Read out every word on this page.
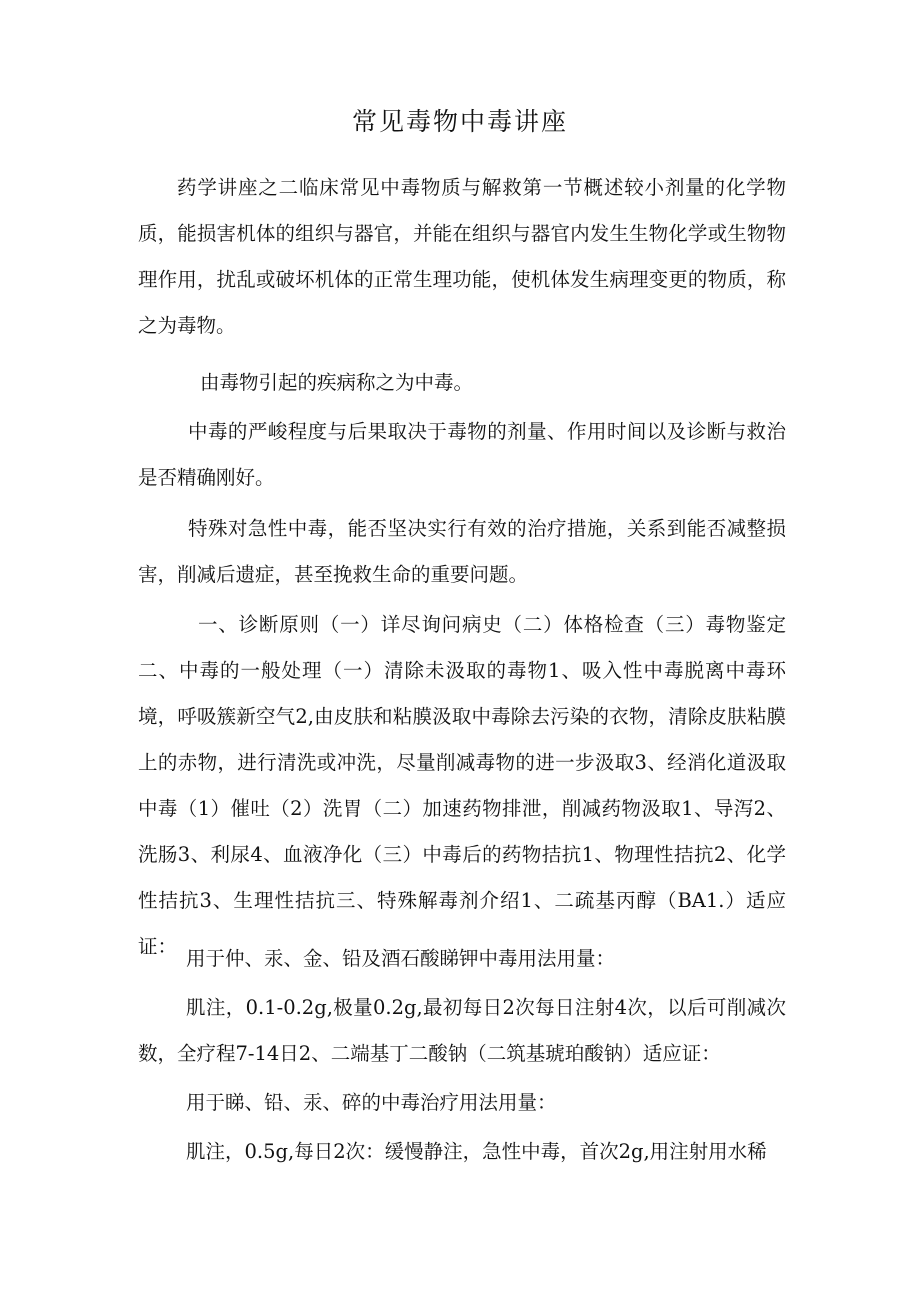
常见毒物中毒讲座

药学讲座之二临床常见中毒物质与解救第一节概述较小剂量的化学物质，能损害机体的组织与器官，并能在组织与器官内发生生物化学或生物物理作用，扰乱或破坏机体的正常生理功能，使机体发生病理变更的物质，称之为毒物。

由毒物引起的疾病称之为中毒。

中毒的严峻程度与后果取决于毒物的剂量、作用时间以及诊断与救治是否精确刚好。

特殊对急性中毒，能否坚决实行有效的治疗措施，关系到能否减整损害，削减后遗症，甚至挽救生命的重要问题。

一、诊断原则（一）详尽询问病史（二）体格检查（三）毒物鉴定二、中毒的一般处理（一）清除未汲取的毒物1、吸入性中毒脱离中毒环境，呼吸簇新空气2,由皮肤和粘膜汲取中毒除去污染的衣物，清除皮肤粘膜上的赤物，进行清洗或冲洗，尽量削减毒物的进一步汲取3、经消化道汲取中毒（1）催吐（2）洗胃（二）加速药物排泄，削减药物汲取1、导泻2、洗肠3、利尿4、血液净化（三）中毒后的药物拮抗1、物理性拮抗2、化学性拮抗3、生理性拮抗三、特殊解毒剂介绍1、二疏基丙醇（BA1.）适应证：

用于仲、汞、金、铅及酒石酸睇钾中毒用法用量：

肌注，0.1-0.2g,极量0.2g,最初每日2次每日注射4次，以后可削减次数，全疗程7-14日2、二端基丁二酸钠（二筑基琥珀酸钠）适应证：

用于睇、铅、汞、碎的中毒治疗用法用量：

肌注，0.5g,每日2次：缓慢静注，急性中毒，首次2g,用注射用水稀
